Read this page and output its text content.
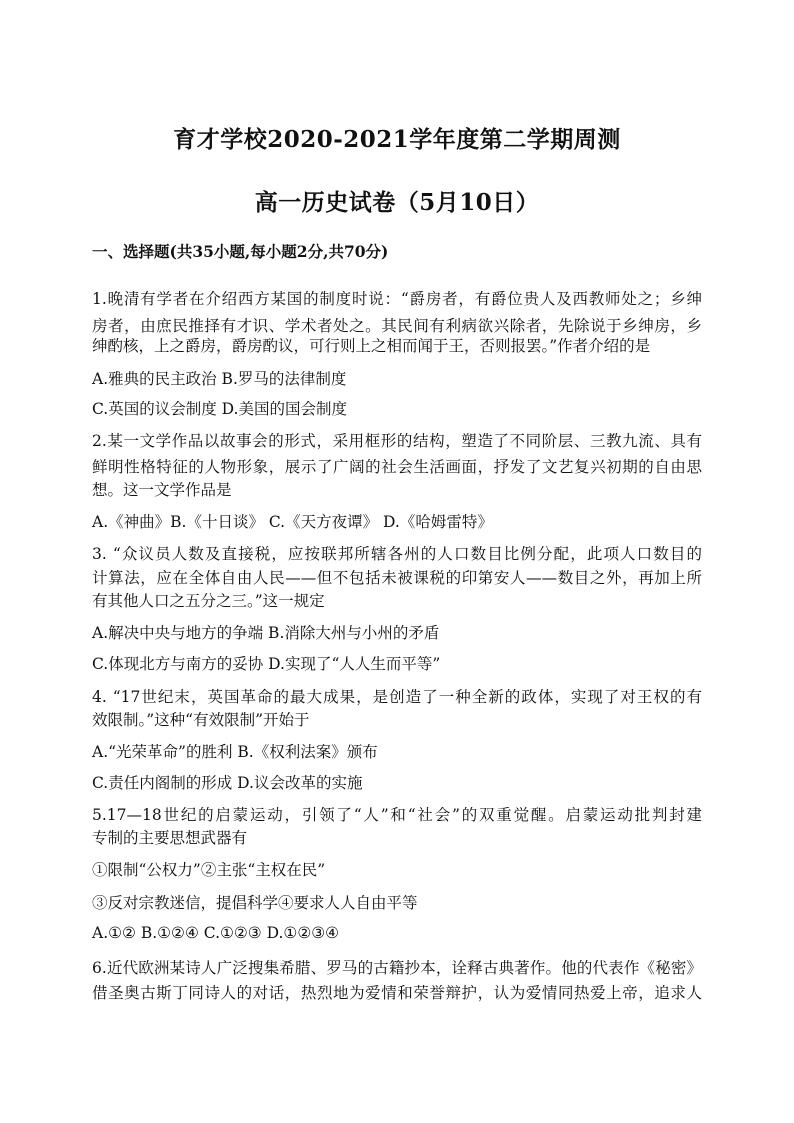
育才学校2020-2021学年度第二学期周测
高一历史试卷（5月10日）
一、选择题(共35小题,每小题2分,共70分)
1.晚清有学者在介绍西方某国的制度时说：“爵房者，有爵位贵人及西教师处之；乡绅
房者，由庶民推择有才识、学术者处之。其民间有利病欲兴除者，先除说于乡绅房，乡
绅酌核，上之爵房，爵房酌议，可行则上之相而闻于王，否则报罢。”作者介绍的是
A.雅典的民主政治 B.罗马的法律制度
C.英国的议会制度 D.美国的国会制度
2.某一文学作品以故事会的形式，采用框形的结构，塑造了不同阶层、三教九流、具有
鲜明性格特征的人物形象，展示了广阔的社会生活画面，抒发了文艺复兴初期的自由思
想。这一文学作品是
A.《神曲》B.《十日谈》 C.《天方夜谭》 D.《哈姆雷特》
3. “众议员人数及直接税，应按联邦所辖各州的人口数目比例分配，此项人口数目的
计算法，应在全体自由人民——但不包括未被课税的印第安人——数目之外，再加上所
有其他人口之五分之三。”这一规定
A.解决中央与地方的争端 B.消除大州与小州的矛盾
C.体现北方与南方的妥协 D.实现了“人人生而平等”
4. “17世纪末，英国革命的最大成果，是创造了一种全新的政体，实现了对王权的有
效限制。”这种“有效限制”开始于
A.“光荣革命”的胜利 B.《权利法案》颁布
C.责任内阁制的形成 D.议会改革的实施
5.17—18世纪的启蒙运动，引领了“人”和“社会”的双重觉醒。启蒙运动批判封建
专制的主要思想武器有
①限制“公权力”②主张“主权在民”
③反对宗教迷信，提倡科学④要求人人自由平等
A.①② B.①②④ C.①②③ D.①②③④
6.近代欧洲某诗人广泛搜集希腊、罗马的古籍抄本，诠释古典著作。他的代表作《秘密》
借圣奥古斯丁同诗人的对话，热烈地为爱情和荣誉辩护，认为爱情同热爱上帝，追求人
